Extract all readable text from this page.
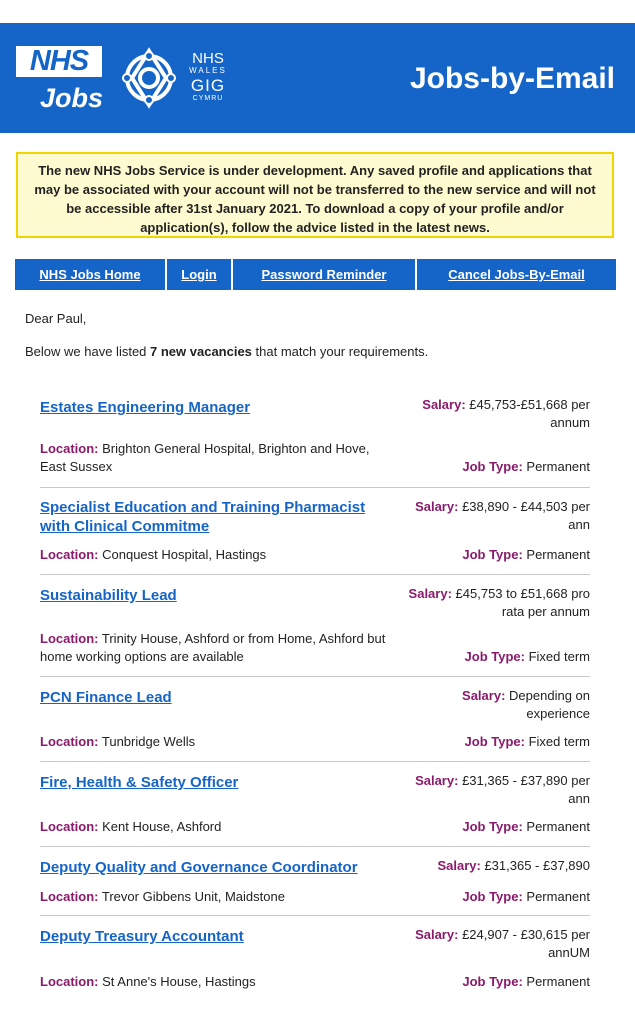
NHS
Jobs
NHS
WALES
GIG
CYMRU
Jobs-by-Email
The new NHS Jobs Service is under development. Any saved profile and applications that may be associated with your account will not be transferred to the new service and will not be accessible after 31st January 2021. To download a copy of your profile and/or application(s), follow the advice listed in the latest news.
NHS Jobs Home	Login	Password Reminder	Cancel Jobs-By-Email
Dear Paul,
Below we have listed 7 new vacancies that match your requirements.
Estates Engineering Manager	Salary: £45,753-£51,668 per
annum
Location: Brighton General Hospital, Brighton and Hove,
East Sussex	Job Type: Permanent
Specialist Education and Training Pharmacist
with Clinical Commitme
Salary: £38,890 - £44,503 per
ann
Location: Conquest Hospital, Hastings	Job Type: Permanent
Sustainability Lead	Salary: £45,753 to £51,668 pro
rata per annum
Location: Trinity House, Ashford or from Home, Ashford but
home working options are available	Job Type: Fixed term
PCN Finance Lead	Salary: Depending on
experience
Location: Tunbridge Wells	Job Type: Fixed term
Fire, Health & Safety Officer	Salary: £31,365 - £37,890 per
ann
Location: Kent House, Ashford	Job Type: Permanent
Deputy Quality and Governance Coordinator	Salary: £31,365 - £37,890
Location: Trevor Gibbens Unit, Maidstone	Job Type: Permanent
Deputy Treasury Accountant	Salary: £24,907 - £30,615 per
annUM
Location: St Anne's House, Hastings	Job Type: Permanent
